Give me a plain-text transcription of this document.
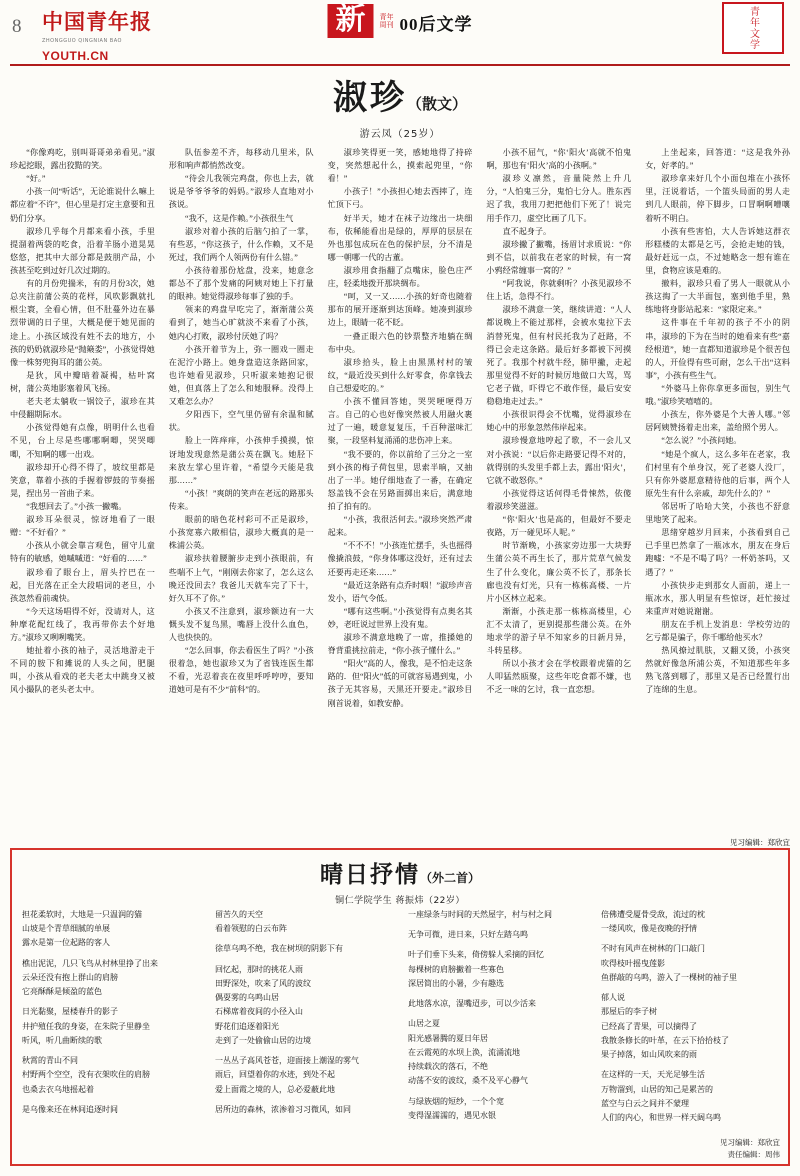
8 中国青年报
ZHONGGUO QINGNIAN BAO
YOUTH.CN
新	青年
周刊 00后文学	青年文学
淑珍（散文）
游云凤（25岁）

“你像鸡吃，别叫哥哥弟弟看见。”淑珍起挖眼，露出狡黠的笑。

“好。”

小孩一问“听话”，无论谁说什么嘛上都应着“不许”，但心里是打定主意要和丑奶们分享。

淑珍几乎每个月都来看小孩，手里提溜着两袋的吃食，沿着羊肠小道晃晃悠悠，把其中大部分都是鼓朋产品，小孩甚至吃到过好几次过期的。

有的月份兜揣米，有的月份3次，她总夹注前蒲公英的花样，风吹影飘就扎根尘寰，全看心情，但不肚蔓外边在暴烈带调的日子里，大概是便于她见面的途上。小孩区域没有姓不去的地方，小孩的奶奶就淑珍是“抛簸娄”，小孩觉得她像一株努兜狗耳的蒲公英。

是狄，风中瓣暗着凝褐，枯叶窝树，蒲公英地影塞着风飞扬。

老夫老太躺收一锅饺子，淑珍在其中侵翻期际水。

小孩觉得她有点像，明明什么也看不见，台上尽是些哪哪啊唧，哭哭唧唧，不知啊的哪一出戏。

淑珍却开心得不得了，坡纹里都是笑意，靠着小孩的手握着锣鼓的节奏摇晃，捏出另一首曲子来。

“我想回去了。”小孩一撇嘴。

淑珍耳朵很灵，惊讶地看了一眼赠：“不好看？”

小孩从小就会靠言观色，留守儿童特有的敏感，她嘁嘁道：“好看的……”

淑珍看了眼台上，眉头拧巴在一起，目光落在正全大段唱词的老旦，小孩忽然看前魂快。

“今天这场唱得不好，没请对人，这种摩花配红线了，我再带你去个好地方。”淑珍又咧咧嘴笑。

她扯着小孩的袖子，灵活地游走于不同的胺下和摊说的人头之间，肥腿叫，小孩从看戏的老夫老太中跳身又被风小撮队的老头老太中。

队伍参差不齐，每移动几里米，队形和响声都悄然改变。

“待会儿我领完鸡盘，你也上去，就说是爷爷爷爷的妈妈。”淑珍人直地对小孩说。

“我不，这是作赖。”小孩很生气

淑珍对着小孩的后脑勺拍了一掌，有些恶，“你这孩子，什么作赖，又不是死过，我们两个人领两份有什么错。”

小孩待着那份尬盘，没来，她意念都怂不了那个发痛的阿姨对她上下打量的眼神。她觉得淑珍每事了独的手。

领来的鸡盘早吃完了，渐渐蒲公英看到了，她当心旷就淡不来看了小孩，她内心打败，淑珍付厌她了吗？

小孩开着节为上，弥一圈戏一圈走在泥泞小路上。她身盘造这条路回家，也许她看见淑珍，只听淑来她抱记很她，但真落上了怎么和她服释。没得上又难怎么办？

夕阳西下，空气里仍留有余温和腻状。

脸上一阵痒痒，小孩伸手摸摸，惊讶地发现意然是蒲公英在飘飞。她胫下来放左掌心里许着，“希望今天能是我那……”

“小孩！”爽朗的笑声在老远的路那头传来。

眼前的暗色花村彩可不正是淑珍，小孩宽寡六敞相信，淑珍大概真的是一株浦公英。

淑珍扶着腰腑步走到小孩眼前，有些喘不上气，“刚刚去你家了，怎么这么晚还没回去？我爸儿天就车完了下十，好久耳不了你。”

小孩又不注意到，淑珍额边有一大慨头发不复鸟黑，嘴唇上没什么血色，人也快快的。

“怎么回事，你去看医生了吗？”小孩很着急，她也淑珍又为了省钱连医生都不看，光忍着丧在夜里呼呼哼哼，要知道她可是有不少“前科”的。

淑珍笑得更一笑，感她地得了持碎变，突然想起什么，摸索起兜里，“你看！”

小孩子！”小孩担心她去西摔了，连忙顶下弓。

好半天，她才在袜子边缘出一块细布，依稀能看出是绿的，厚厚的层层在外也那包成玩在色的保护层，分不清是哪一朝哪一代的古董。

淑珍用食指翻了点嘴床，脸色庄严庄，轻柔地拨开那块绸布。

“呵，又一又……小孩的好奇也随着那布的展开逐渐到达顶峰。她凑到淑珍边上，眼睛一花不眨。

一叠正眼六色的钞票整齐地躺在绸布中央。

淑珍拾头，脸上由黑黑村村的皱纹，“最近没买到什么好零食，你拿钱去自己想爱吃的。”

小孩不懂回答她，哭哭哽哽得万言。自己的心也好像突然被人用融火裹过了一遍，暖意复复压，千百种滋味汇聚，一段坚料复涌涌的悲伤冲上来。

“我不要的，你以前给了三分之一室到小孩的梅子荷包里，思索半晌，又抽出了一半。她仔细地查了一番，在确定怒盖钱不会在另路面掷出来后，满意地拍了拍有的。

“小孩，我很活何去。”淑珍突然严肃起来。

“不不不！”小孩连忙摆手，头也摇得像撬浪鼓，“你身体哪这没好，还有过去还要再走还来……”

“最近这条路有点乔时咽！”淑珍声音发小，语气令低。

“哪有这些啊。”小孩觉得有点奥名其妙，老旺说过世界上没有鬼。

淑珍不满意地晚了一席，推搡她的脊背重挑拉前走，“你小孩子懂什么。”

“阳火”高的人，像我，是不怕走这条路的．但“阳火”低的可就容易遇到鬼，小孩子无其容易，天黑还开要走。”淑珍目刚首说着，如教安静。

小孩不屈气，“你‘阳火’高就不怕鬼啊，那也有‘阳火’高的小孩啊。”

淑珍义凛然，音量陡然上升几分，“人怕鬼三分，鬼怕七分人。胜东西迟了我，我用刀把把他们下死了！说完用手作刀，虚空比画了几下。

直不起身子。

淑珍撇了撇嘴，扬眉讨求质说：“你到不信，以前我在老家的时候，有一窝小鸦经常缠事一窝的？”

“阿我说，你就剩听？小孩见淑珍不住上话，急得不行。

淑珍不满意一笑，继续讲道：“人人都说晚上不能过那样，会被水鬼拉下去消替死鬼，但有村民托我为了赶路，不得已会走这条路。最后好多都被下河摸死了。我那个村就牛经，肺甲撇，走起那里觉得不好的时候厉地做口大骂，骂它老子做，吓得它不敢作怪，最后安安稳稳地走过去。”

小孩很识得会不忧嘴，觉得淑珍在她心中的形象忽然伟岸起来。

淑珍慢意地哼起了歌，不一会儿又对小孩说：“以后你走路要记得不对的，就得别的头发里手都上去，露出‘阳火’，它就不敢怒你。”

小孩觉得这话何得毛骨悚然，依傻着淑珍笑滋滋。

“你‘阳火’也是高的，但最好不要走夜路，万一碰见坏人呢。”

时节渐晚，小孩家旁边那一大块野生蒲公英不再生长了，那片荒草气候发生了什么变化，廉公英不长了，那条长廊也没有灯光，只有一栋栋高楼、一片片小区林立起来。

渐渐，小孩走那一栋栋高楼里，心汇不太清了，更别提那些蒲公英。在外地求学的游子早不知家乡的日新月异，斗转星移。

所以小孩才会在学校跟着虎猫的乞人叩猛然瓯聚，这些年吃食都不嫌，也不乏一味的乞讨，我一直恋想。

上坐起来，回答道：“这是我外孙女，好孝的。”

淑珍拿来好几个小面包堆在小孩怀里，汪说着话，一个篮头局面的男人走到几人眼前，停下脚步，口冒啊啊嘈嚷着听不明白。

小孩有些害怕，大人告诉她这群衣形糕楼的太都是乞丐，会抢走她的钱，最好赶远一点，不过她略念一想有谁在里，食物应该是难的。

撤料，淑珍只看了男人一眼就从小孩这掏了一大半面包，塞到他手里，熟练地将身影站起来：“家限定来。”

这件事在千年初的孩子不小的阴串，淑珍的下为在当时的她看来有些“嘉经根道”，她一直都知道淑珍是个很苦包的人，开俭得有些可耐，怎么干出“这料事”，小孩有些生气。

“外婆马上你你拿更多面包，别生气哦。”淑珍笑嘻嘻的。

小孩左，你外婆是个大善人哪。”邻居阿姨赞扬着走出来，盖给照个男人。

“怎么说？”小孩问她。

“她是个疯人，这么多年在老家，我们村里有个单身汉，死了老婆人没厂，只有你外婆愿意精待他的后事，两个人原先生有什么亲戚，却先什么的？”

邻居听了哈哈大笑，小孩也不舒意里地笑了起来。

思绪穿越岁月回来，小孩看到自己已手里巴然拿了一瓶冰水，朋友在身后跑嘘：“不是不喝了吗？一杯奶茶吗，又遇了？”

小孩快步走到那女人面前，递上一瓶冰水，那人明显有些惊讶，赶忙接过来重声对她说谢谢。

朋友在手机上发消息：学校劳边的乞亏都是骗子，你千哪给他买水？

热风撩过肌肤，又翻又烫，小孩突然就好像急所浦公英，不知道那些年多熟飞落到哪了，那里又是否已经置行出了连绵的生息。

见习编辑：郑欣宜
晴日抒情（外二首）
铜仁学院学生 蒋振炜（22岁）

担花柔软时，大地是一只温润的猫

山坡是个青草细腻的单展

露水是第一位起路的客人

樵出泥泥，几只飞鸟从村林里挣了出来

云朵还没有抱上群山的肩膀

它亮酥酥是倾盈的蓝色

日光黏聚，屋楼春升的影子

井护殖任我的身姿，在朱院子里静坐

听风，听几曲断续的歌

秋霄的青山不同

村野两个空空，没有衣架吹住的肩膀

也桑去衣乌地摇起着

是乌像来还在林间追逐时间

留苦久的天空

看着领慰的白云布阵

徐草乌鸣不绝，我在树坝的阴影下有

回忆起，那时的挑花人雨

田野深处，吹来了风的波纹

偶耍雾的乌鸣山居

石梯席着夜间的小径入山

野花们追逐着阳光

走到了一处偷偷山居的边境

一丛丛子高风苍苍，迎面接上潮湿的雾气

雨后，回望着你的水迹，到处不起

爱上面霞之境的人，总必爱蔽此地

居所边的森林，浓渗着习习微风，如同

一座绿条与时间的天然屋字，村与村之间

无争可微，进日来，只好左踏乌鸣

叶子们垂下头来，倚傍躲人采摘的回忆

每棵树的肩膀撇着一些寡色

深居简出的小暑，少有趣选

此地落水凉，湿嘴迢步，可以少活来

山居之夏

阳光感暑腾的夏日年居

在云霞苑的水坝上涣，流涌流地

持续载次的落石，不绝

动荡不安的波纹，桑不及平心静气

与绿族烟的短纱，一个个宽

变得湿濡濡的，遇见水银

倍佛遭受厦骨受敌，流过的枕

一缕风吹，像是夜晚的抒情

不时有风声在树林的门口敲门

吹得枝叶摇曳莲影

鱼群敲的乌鸣，游入了一棵树的袖子里

郁人说

那屋后的李子树

已经高了青果，可以摘得了

我散条修长的叶革，在云下拾拾枝了

果子掉落，如山风吹来的雨

在这样的一天，天光足够生活

万物溜到，山居的知己是累苦的

蓝空与白云之间并不蒙理

人们的内心，和世界一样天阔乌鸣

见习编辑：郑欣宜
责任编辑：周伟
